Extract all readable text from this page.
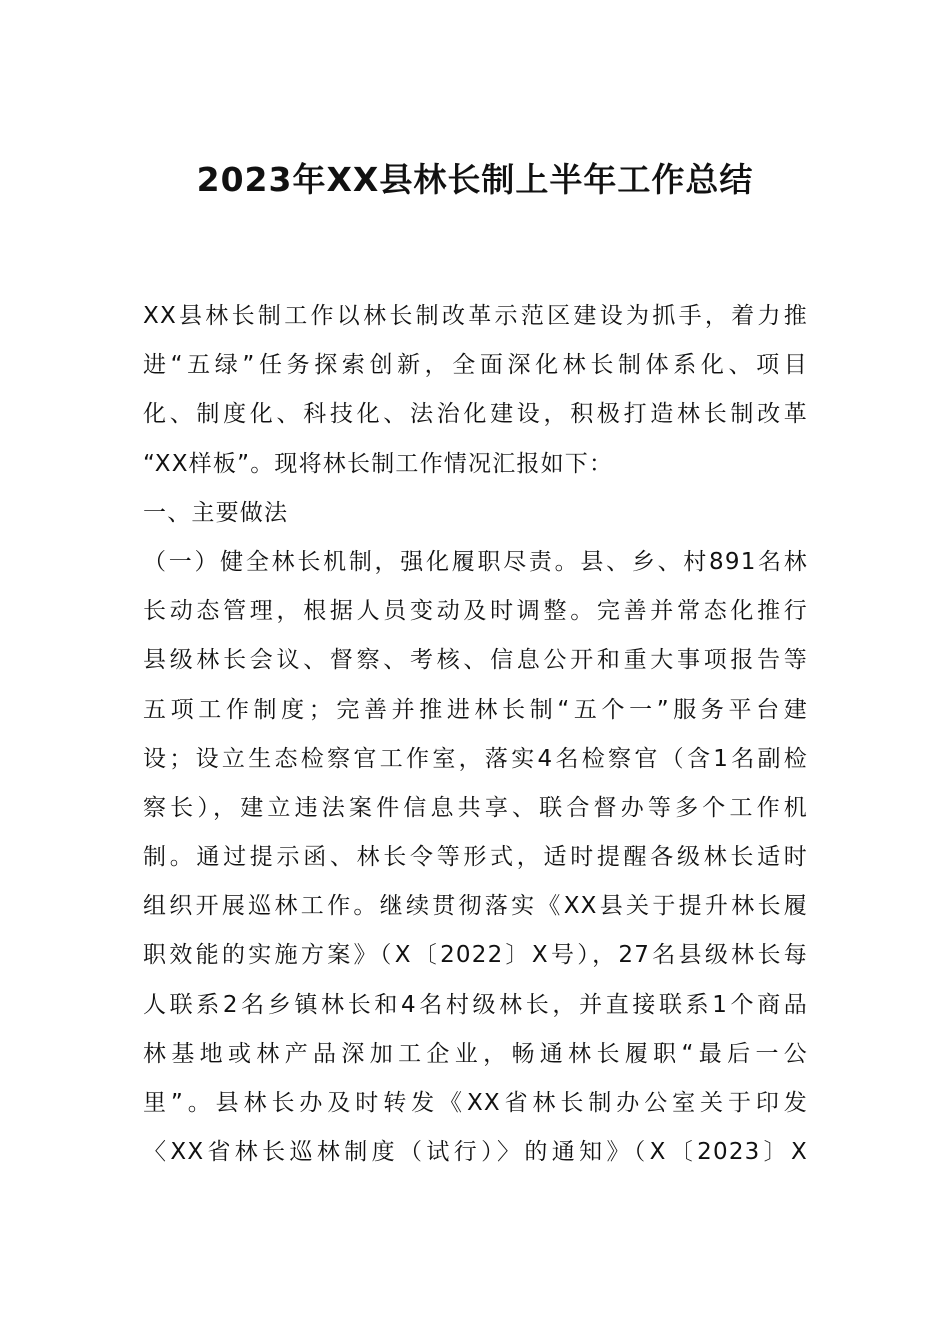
2023年XX县林长制上半年工作总结
XX县林长制工作以林长制改革示范区建设为抓手，着力推
进“五绿”任务探索创新，全面深化林长制体系化、项目
化、制度化、科技化、法治化建设，积极打造林长制改革
“XX样板”。现将林长制工作情况汇报如下：
一、主要做法
（一）健全林长机制，强化履职尽责。县、乡、村891名林
长动态管理，根据人员变动及时调整。完善并常态化推行
县级林长会议、督察、考核、信息公开和重大事项报告等
五项工作制度；完善并推进林长制“五个一”服务平台建
设；设立生态检察官工作室，落实4名检察官（含1名副检
察长），建立违法案件信息共享、联合督办等多个工作机
制。通过提示函、林长令等形式，适时提醒各级林长适时
组织开展巡林工作。继续贯彻落实《XX县关于提升林长履
职效能的实施方案》（X〔2022〕X号），27名县级林长每
人联系2名乡镇林长和4名村级林长，并直接联系1个商品
林基地或林产品深加工企业，畅通林长履职“最后一公
里”。县林长办及时转发《XX省林长制办公室关于印发
〈XX省林长巡林制度（试行）〉的通知》（X〔2023〕X
